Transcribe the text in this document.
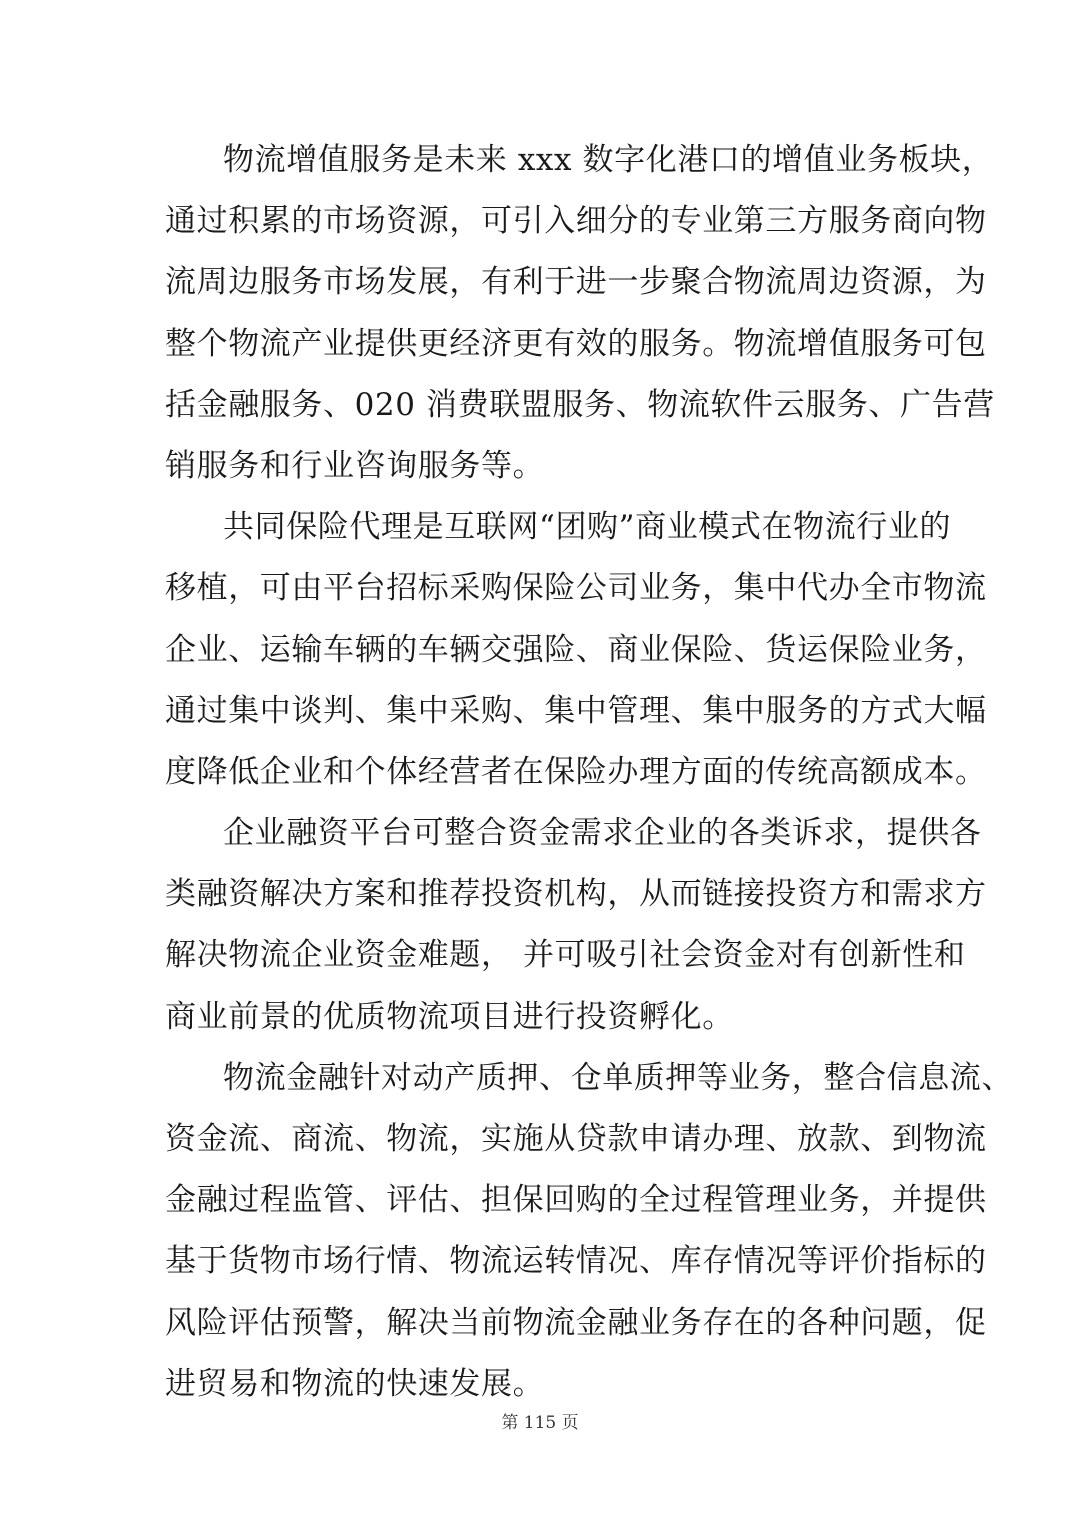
物流增值服务是未来 xxx 数字化港口的增值业务板块，
通过积累的市场资源，可引入细分的专业第三方服务商向物
流周边服务市场发展，有利于进一步聚合物流周边资源，为
整个物流产业提供更经济更有效的服务。物流增值服务可包
括金融服务、020 消费联盟服务、物流软件云服务、广告营
销服务和行业咨询服务等。
共同保险代理是互联网“团购”商业模式在物流行业的
移植，可由平台招标采购保险公司业务，集中代办全市物流
企业、运输车辆的车辆交强险、商业保险、货运保险业务，
通过集中谈判、集中采购、集中管理、集中服务的方式大幅
度降低企业和个体经营者在保险办理方面的传统高额成本。
企业融资平台可整合资金需求企业的各类诉求，提供各
类融资解决方案和推荐投资机构，从而链接投资方和需求方
解决物流企业资金难题， 并可吸引社会资金对有创新性和
商业前景的优质物流项目进行投资孵化。
物流金融针对动产质押、仓单质押等业务，整合信息流、
资金流、商流、物流，实施从贷款申请办理、放款、到物流
金融过程监管、评估、担保回购的全过程管理业务，并提供
基于货物市场行情、物流运转情况、库存情况等评价指标的
风险评估预警，解决当前物流金融业务存在的各种问题，促
进贸易和物流的快速发展。
第 115 页
